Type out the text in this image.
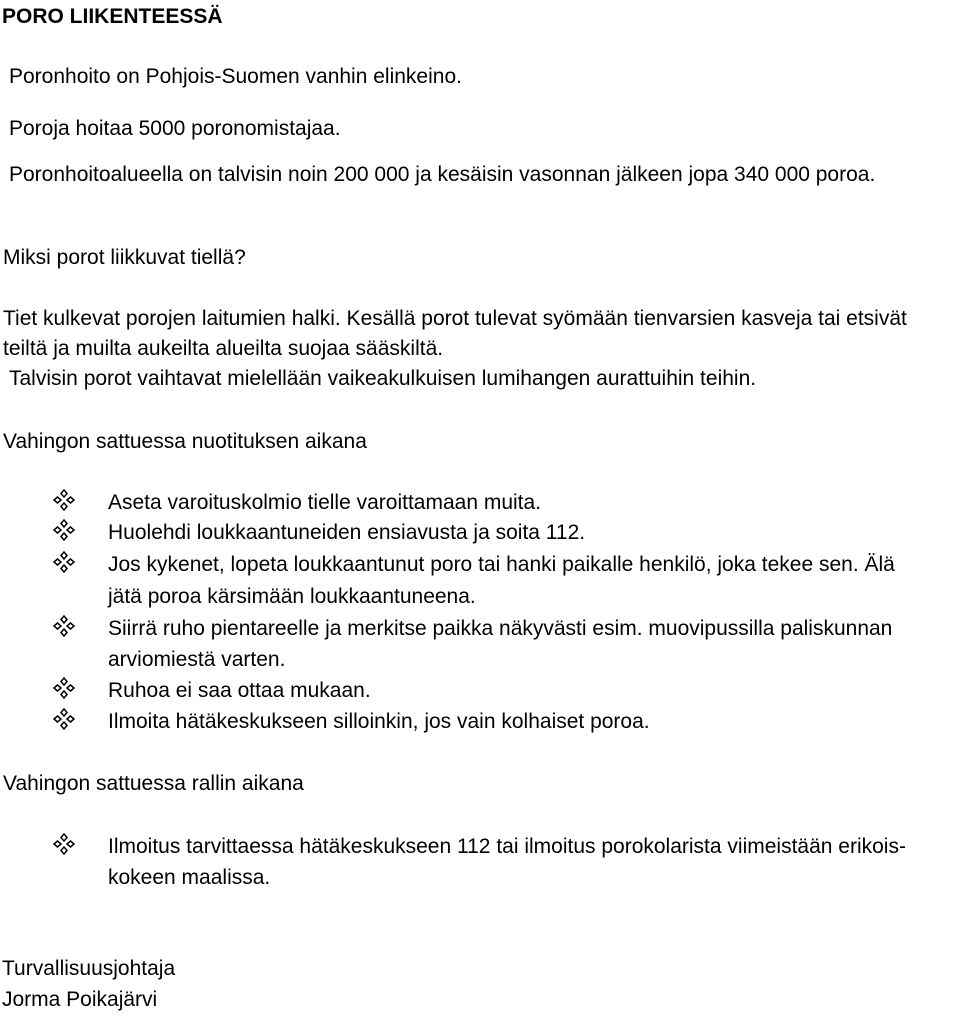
PORO LIIKENTEESSÄ
Poronhoito on Pohjois-Suomen vanhin elinkeino.
Poroja hoitaa 5000 poronomistajaa.
Poronhoitoalueella on talvisin noin 200 000 ja kesäisin vasonnan jälkeen jopa 340 000 poroa.
Miksi porot liikkuvat tiellä?
Tiet kulkevat porojen laitumien halki. Kesällä porot tulevat syömään tienvarsien kasveja tai etsivät
teiltä ja muilta aukeilta alueilta suojaa sääskiltä.
Talvisin porot vaihtavat mielellään vaikeakulkuisen lumihangen aurattuihin teihin.
Vahingon sattuessa nuotituksen aikana
Aseta varoituskolmio tielle varoittamaan muita.
Huolehdi loukkaantuneiden ensiavusta ja soita 112.
Jos kykenet, lopeta loukkaantunut poro tai hanki paikalle henkilö, joka tekee sen. Älä
jätä poroa kärsimään loukkaantuneena.
Siirrä ruho pientareelle ja merkitse paikka näkyvästi esim. muovipussilla paliskunnan
arviomiestä varten.
Ruhoa ei saa ottaa mukaan.
Ilmoita hätäkeskukseen silloinkin, jos vain kolhaiset poroa.
Vahingon sattuessa rallin aikana
Ilmoitus tarvittaessa hätäkeskukseen 112 tai ilmoitus porokolarista viimeistään erikois-
kokeen maalissa.
Turvallisuusjohtaja
Jorma Poikajärvi
